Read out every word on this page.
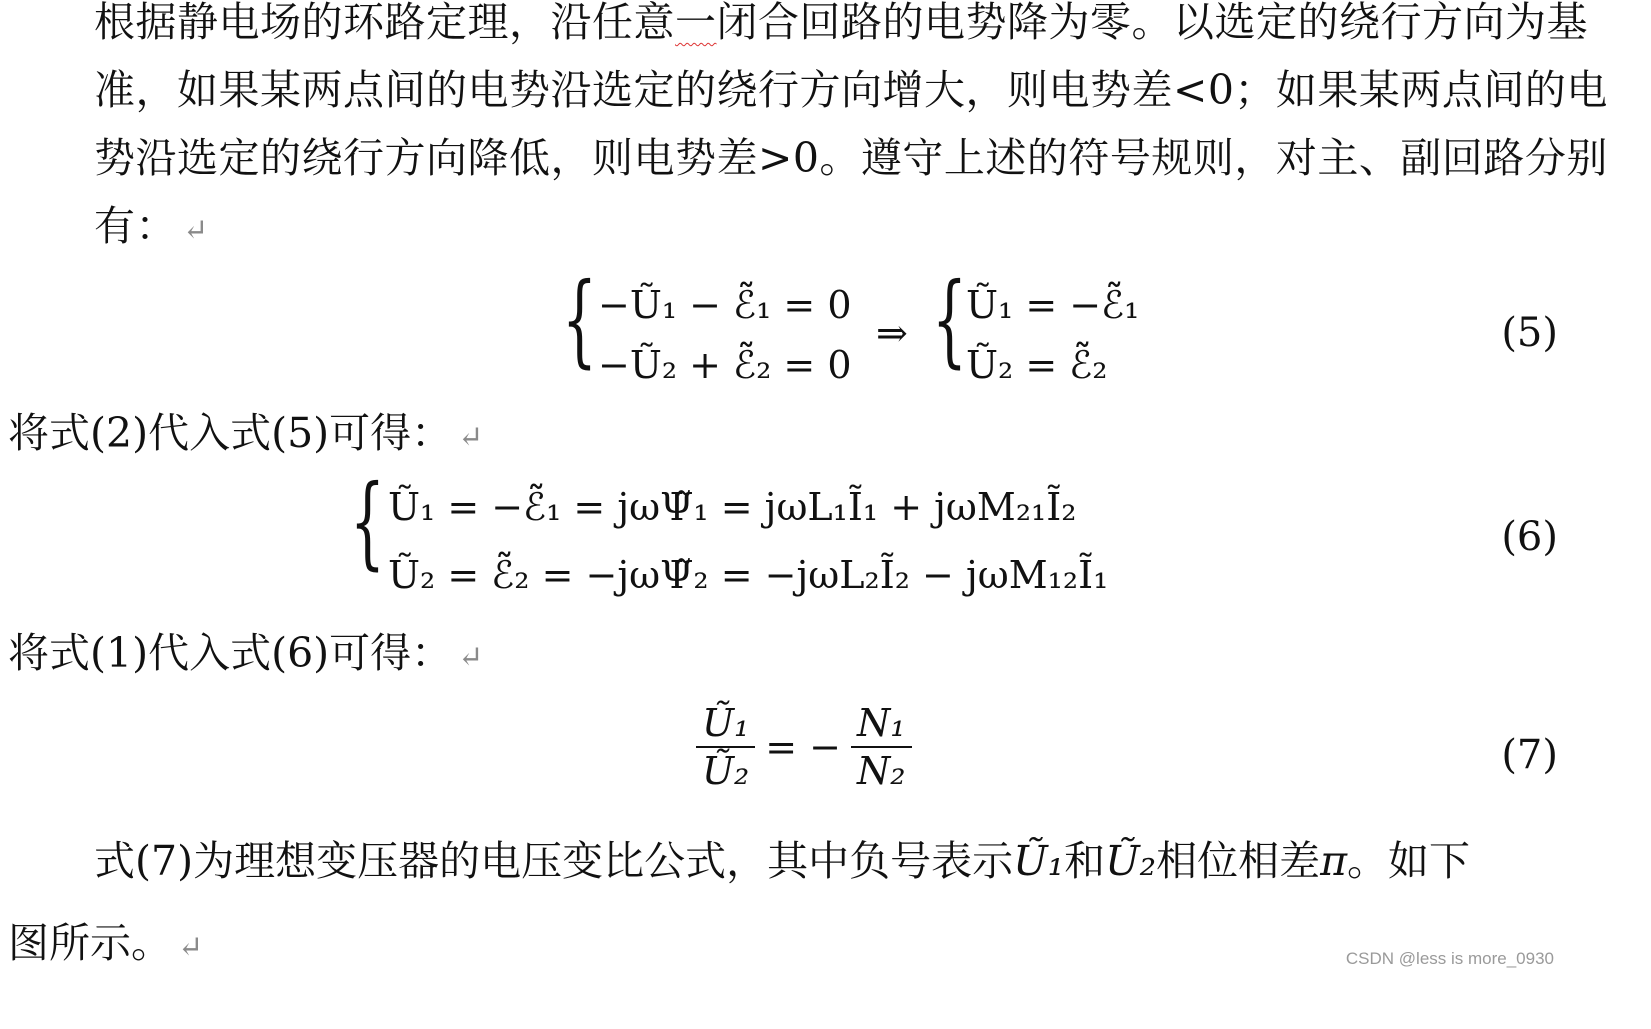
根据静电场的环路定理，沿任意一闭合回路的电势降为零。以选定的绕行方向为基准，如果某两点间的电势沿选定的绕行方向增大，则电势差<0；如果某两点间的电势沿选定的绕行方向降低，则电势差>0。遵守上述的符号规则，对主、副回路分别有： ↵

{ −Ũ₁ − ℰ̃₁ = 0
−Ũ₂ + ℰ̃₂ = 0
⇒ { Ũ₁ = −ℰ̃₁
Ũ₂ = ℰ̃₂
(5)
将式(2)代入式(5)可得： ↵
{ Ũ₁ = −ℰ̃₁ = jωΨ̃₁ = jωL₁Ĩ₁ + jωM₂₁Ĩ₂
Ũ₂ = ℰ̃₂ = −jωΨ̃₂ = −jωL₂Ĩ₂ − jωM₁₂Ĩ₁
(6)
将式(1)代入式(6)可得： ↵
$\frac{\text{Ũ₁}}{\text{Ũ₂}}$ = − $\frac{\text{N₁}}{\text{N₂}}$	(7)
式(7)为理想变压器的电压变比公式，其中负号表示Ũ₁和Ũ₂相位相差π。如下
图所示。 ↵	CSDN @less is more_0930
